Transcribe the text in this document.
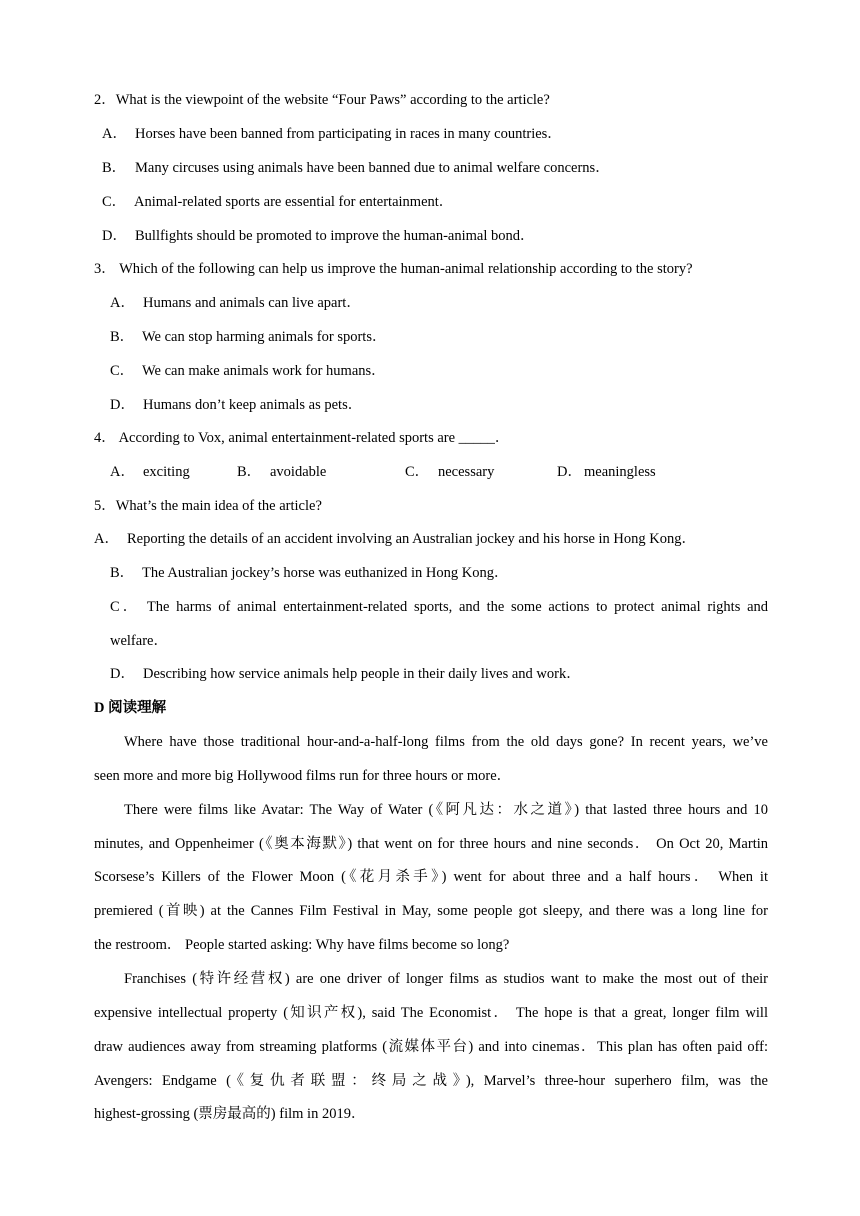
2．What is the viewpoint of the website “Four Paws” according to the article?
A． Horses have been banned from participating in races in many countries．
B． Many circuses using animals have been banned due to animal welfare concerns．
C． Animal-related sports are essential for entertainment．
D． Bullfights should be promoted to improve the human-animal bond．
3． Which of the following can help us improve the human-animal relationship according to the story?
A． Humans and animals can live apart．
B． We can stop harming animals for sports．
C． We can make animals work for humans．
D． Humans don’t keep animals as pets．
4． According to Vox, animal entertainment-related sports are _____．
A． exciting	B． avoidable	C． necessary	D． meaningless
5．What’s the main idea of the article?
A． Reporting the details of an accident involving an Australian jockey and his horse in Hong Kong．
B． The Australian jockey’s horse was euthanized in Hong Kong．
C． The harms of animal entertainment-related sports, and the some actions to protect animal rights and
welfare．
D． Describing how service animals help people in their daily lives and work．
D 阅读理解
Where have those traditional hour-and-a-half-long films from the old days gone? In recent years, we’ve
seen more and more big Hollywood films run for three hours or more．
There were films like Avatar: The Way of Water (《阿凡达：水之道》) that lasted three hours and 10
minutes, and Oppenheimer (《奥本海默》) that went on for three hours and nine seconds． On Oct 20, Martin
Scorsese’s Killers of the Flower Moon (《花月杀手》) went for about three and a half hours． When it
premiered (首映) at the Cannes Film Festival in May, some people got sleepy, and there was a long line for
the restroom． People started asking: Why have films become so long?
Franchises (特许经营权) are one driver of longer films as studios want to make the most out of their
expensive intellectual property (知识产权), said The Economist． The hope is that a great, longer film will
draw audiences away from streaming platforms (流媒体平台) and into cinemas．This plan has often paid off:
Avengers: Endgame (《复仇者联盟：终局之战》), Marvel’s three-hour superhero film, was the
highest-grossing (票房最高的) film in 2019．
